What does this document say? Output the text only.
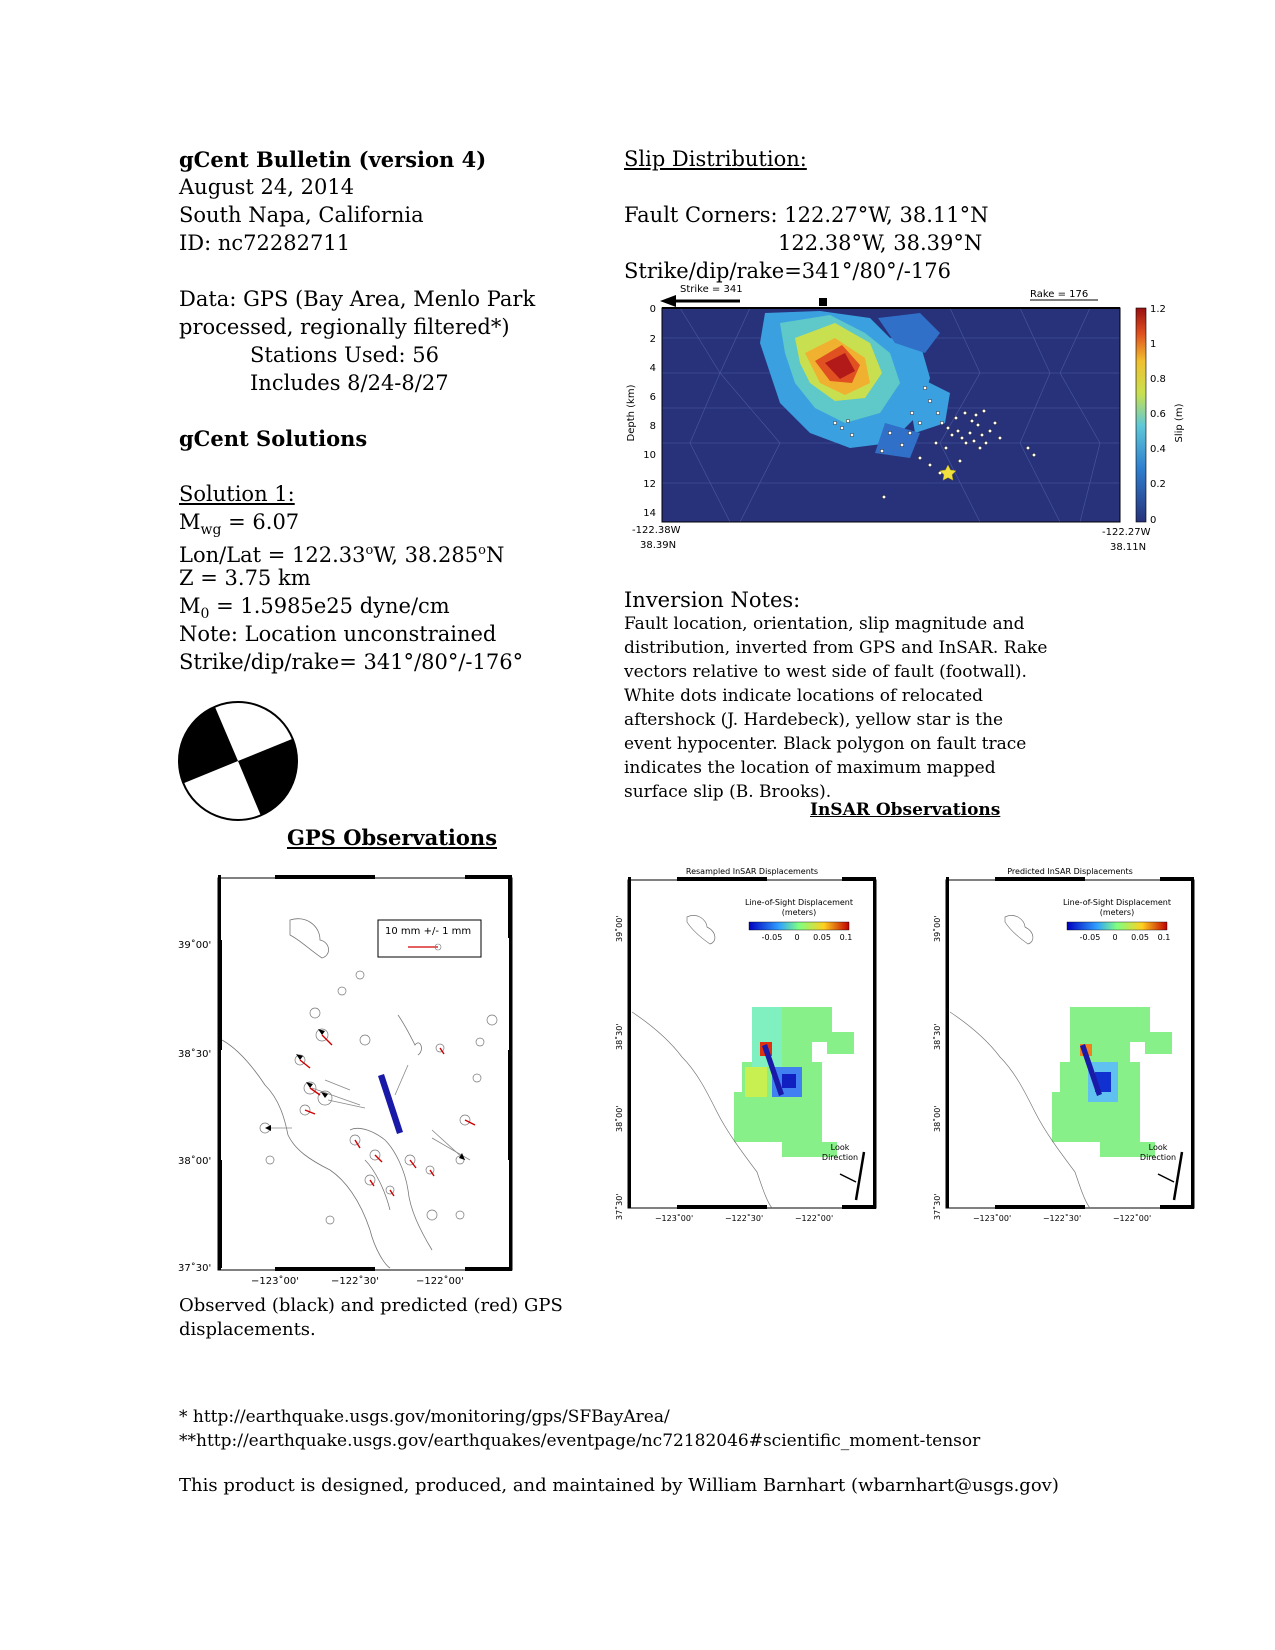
gCent Bulletin (version 4)
August 24, 2014
South Napa, California
ID: nc72282711
Data: GPS (Bay Area, Menlo Park
processed, regionally filtered*)
Stations Used: 56
Includes 8/24-8/27
gCent Solutions
Solution 1:
$M_{wg} = 6.07$
$Lon/Lat = 122.33^oW$, 38.285$^o$N
Z = 3.75 km
$M_0 = 1.5985e25$ dyne/cm
Note: Location unconstrained
Strike/dip/rake= 341°/80°/-176°
GPS Observations
Slip Distribution:
Fault Corners: 122.27°W, 38.11°N
122.38°W, 38.39°N
Strike/dip/rake=341°/80°/-176
Strike = 341	Rake = 176
Depth (km)
0
2
4
6
8
10
12
14
-122.38W
38.39N
-122.27W
38.11N
1.2
1
0.8
0.6
0.4
0.2
0
Slip (m)
Inversion Notes:
Fault location, orientation, slip magnitude and
distribution, inverted from GPS and InSAR. Rake
vectors relative to west side of fault (footwall).
White dots indicate locations of relocated
aftershock (J. Hardebeck), yellow star is the
event hypocenter. Black polygon on fault trace
indicates the location of maximum mapped
surface slip (B. Brooks).
InSAR Observations
10 mm +/- 1 mm
39˚00'
38˚30'
38˚00'
37˚30'
−123˚00'	−122˚30'	−122˚00'
Observed (black) and predicted (red) GPS
displacements.
Resampled InSAR Displacements
Line-of-Sight Displacement
(meters)
-0.05 0 0.05 0.1
Look
Direction
39˚00'
38˚30'
38˚00'
37˚30'	−123˚00'	−122˚30'	−122˚00'
Predicted InSAR Displacements
Line-of-Sight Displacement
(meters)
-0.05 0 0.05 0.1
Look
Direction
39˚00'
38˚30'
38˚00'
37˚30'	−123˚00'	−122˚30'	−122˚00'
* http://earthquake.usgs.gov/monitoring/gps/SFBayArea/
**http://earthquake.usgs.gov/earthquakes/eventpage/nc72182046#scientific_moment-tensor
This product is designed, produced, and maintained by William Barnhart (wbarnhart@usgs.gov)
